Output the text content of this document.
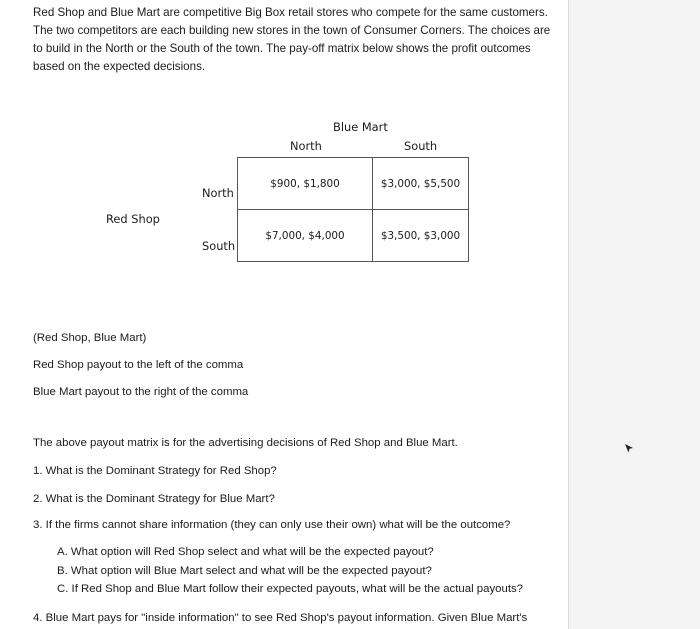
Red Shop and Blue Mart are competitive Big Box retail stores who compete for the same customers. The two competitors are each building new stores in the town of Consumer Corners. The choices are to build in the North or the South of the town. The pay-off matrix below shows the profit outcomes based on the expected decisions.
Blue Mart
North	South
Red Shop
North
South
$900, $1,800	$3,000, $5,500
$7,000, $4,000	$3,500, $3,000
(Red Shop, Blue Mart)
Red Shop payout to the left of the comma
Blue Mart payout to the right of the comma
The above payout matrix is for the advertising decisions of Red Shop and Blue Mart.
1. What is the Dominant Strategy for Red Shop?
2. What is the Dominant Strategy for Blue Mart?
3. If the firms cannot share information (they can only use their own) what will be the outcome?
A. What option will Red Shop select and what will be the expected payout?
B. What option will Blue Mart select and what will be the expected payout?
C. If Red Shop and Blue Mart follow their expected payouts, what will be the actual payouts?
4. Blue Mart pays for "inside information" to see Red Shop's payout information. Given Blue Mart's
